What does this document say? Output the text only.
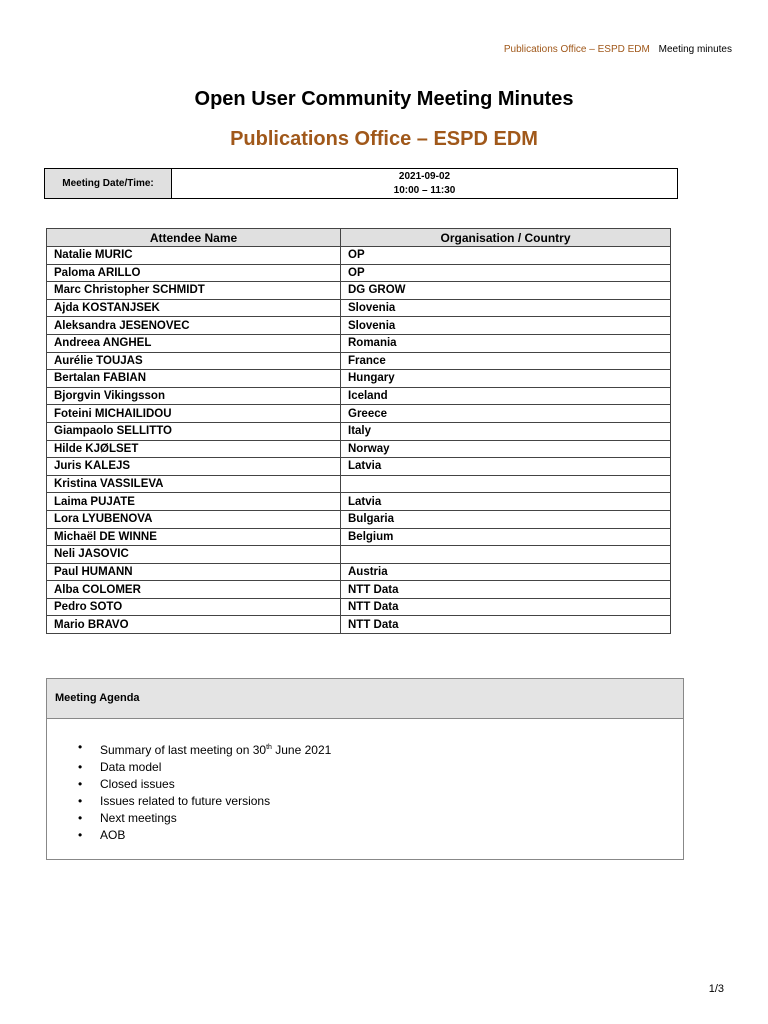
Publications Office – ESPD EDM Meeting minutes
Open User Community Meeting Minutes
Publications Office – ESPD EDM
Meeting Date/Time:	
2021-09-02
10:00 – 11:30
Attendee Name	Organisation / Country
Natalie MURIC	OP
Paloma ARILLO	OP
Marc Christopher SCHMIDT	DG GROW
Ajda KOSTANJSEK	Slovenia
Aleksandra JESENOVEC	Slovenia
Andreea ANGHEL	Romania
Aurélie TOUJAS	France
Bertalan FABIAN	Hungary
Bjorgvin Vikingsson	Iceland
Foteini MICHAILIDOU	Greece
Giampaolo SELLITTO	Italy
Hilde KJØLSET	Norway
Juris KALEJS	Latvia
Kristina VASSILEVA	
Laima PUJATE	Latvia
Lora LYUBENOVA	Bulgaria
Michaël DE WINNE	Belgium
Neli JASOVIC	
Paul HUMANN	Austria
Alba COLOMER	NTT Data
Pedro SOTO	NTT Data
Mario BRAVO	NTT Data
Meeting Agenda
• Summary of last meeting on 30th June 2021
• Data model
• Closed issues
• Issues related to future versions
• Next meetings
• AOB
1/3
